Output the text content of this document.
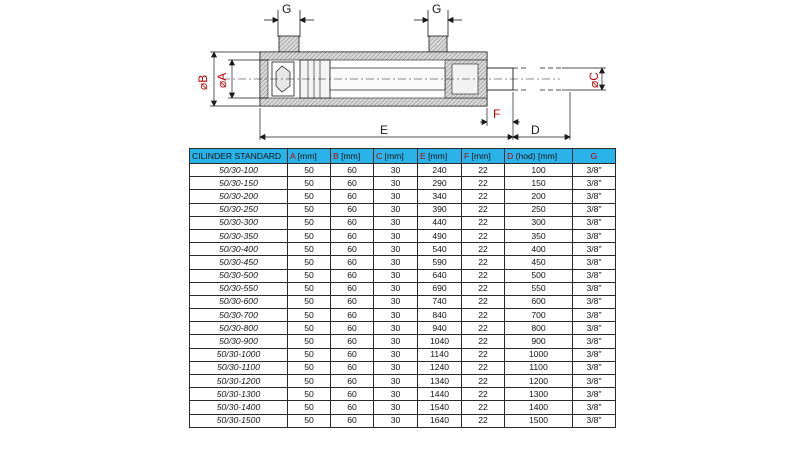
G	G
⌀B ⌀A	⌀C
E
F
D
CILINDER STANDARD	A [mm]	B [mm]	C [mm]	E [mm]	F [mm]	D (hod) [mm]	G
50/30-100	50	60	30	240	22	100	3/8"
50/30-150	50	60	30	290	22	150	3/8"
50/30-200	50	60	30	340	22	200	3/8"
50/30-250	50	60	30	390	22	250	3/8"
50/30-300	50	60	30	440	22	300	3/8"
50/30-350	50	60	30	490	22	350	3/8"
50/30-400	50	60	30	540	22	400	3/8"
50/30-450	50	60	30	590	22	450	3/8"
50/30-500	50	60	30	640	22	500	3/8"
50/30-550	50	60	30	690	22	550	3/8"
50/30-600	50	60	30	740	22	600	3/8"
50/30-700	50	60	30	840	22	700	3/8"
50/30-800	50	60	30	940	22	800	3/8"
50/30-900	50	60	30	1040	22	900	3/8"
50/30-1000	50	60	30	1140	22	1000	3/8"
50/30-1100	50	60	30	1240	22	1100	3/8"
50/30-1200	50	60	30	1340	22	1200	3/8"
50/30-1300	50	60	30	1440	22	1300	3/8"
50/30-1400	50	60	30	1540	22	1400	3/8"
50/30-1500	50	60	30	1640	22	1500	3/8"
